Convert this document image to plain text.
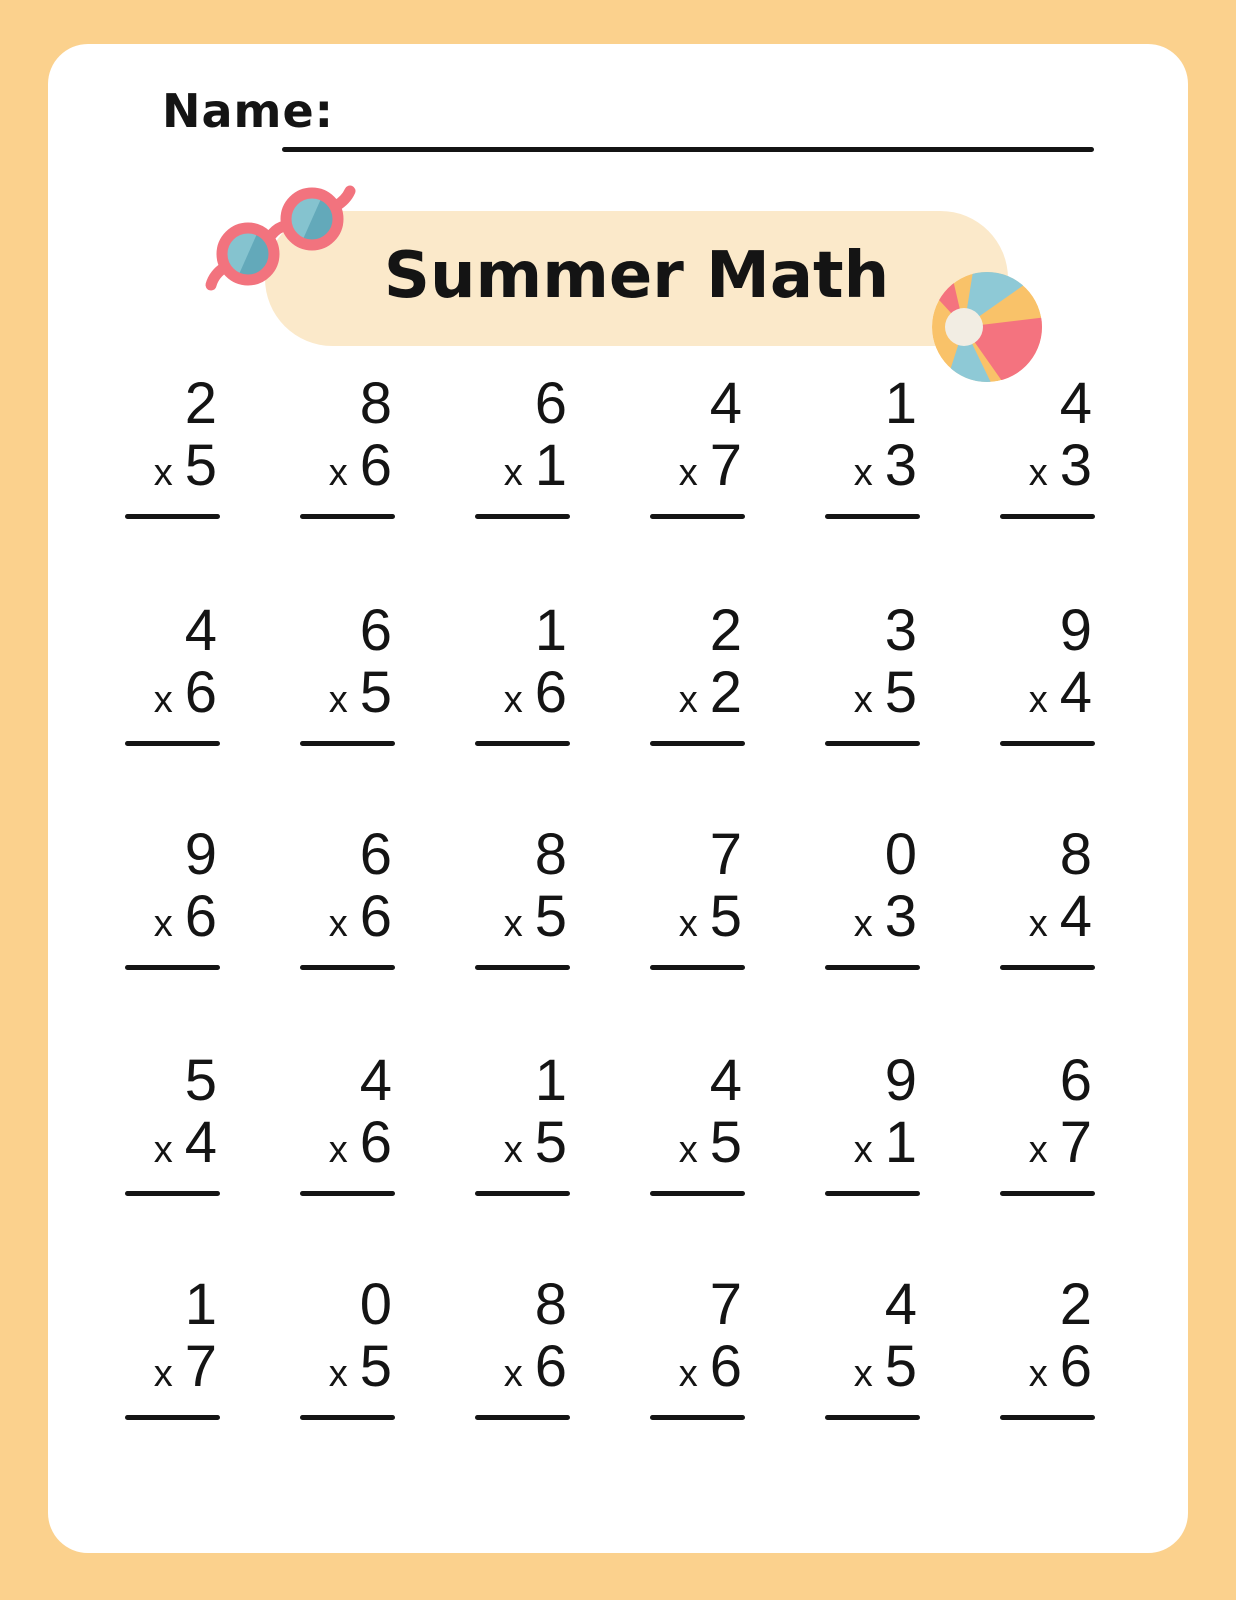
Name:
Summer Math
2
x 5
8
x 6
6
x 1
4
x 7
1
x 3
4
x 3
4
x 6
6
x 5
1
x 6
2
x 2
3
x 5
9
x 4
9
x 6
6
x 6
8
x 5
7
x 5
0
x 3
8
x 4
5
x 4
4
x 6
1
x 5
4
x 5
9
x 1
6
x 7
1
x 7
0
x 5
8
x 6
7
x 6
4
x 5
2
x 6
